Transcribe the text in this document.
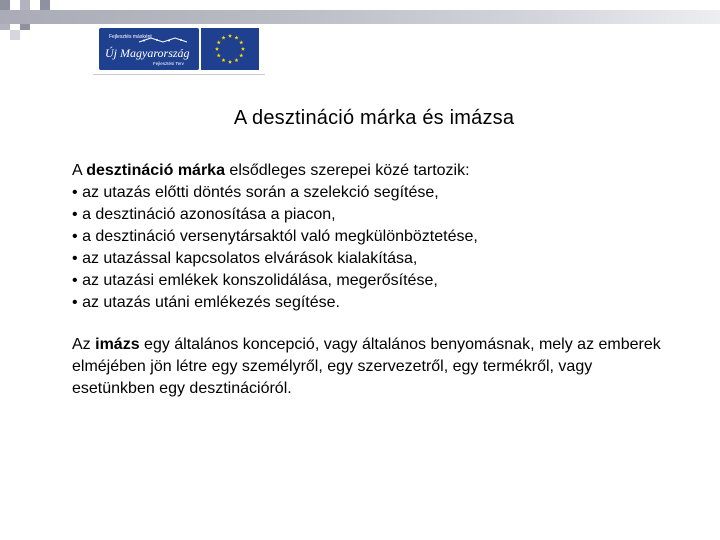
Fejlesztés másként
Új Magyarország
Fejlesztési Terv
A desztináció márka és imázsa

A desztináció márka elsődleges szerepei közé tartozik:

• az utazás előtti döntés során a szelekció segítése,

• a desztináció azonosítása a piacon,

• a desztináció versenytársaktól való megkülönböztetése,

• az utazással kapcsolatos elvárások kialakítása,

• az utazási emlékek konszolidálása, megerősítése,

• az utazás utáni emlékezés segítése.

Az imázs egy általános koncepció, vagy általános benyomásnak, mely az emberek elméjében jön létre egy személyről, egy szervezetről, egy termékről, vagy esetünkben egy desztinációról.
